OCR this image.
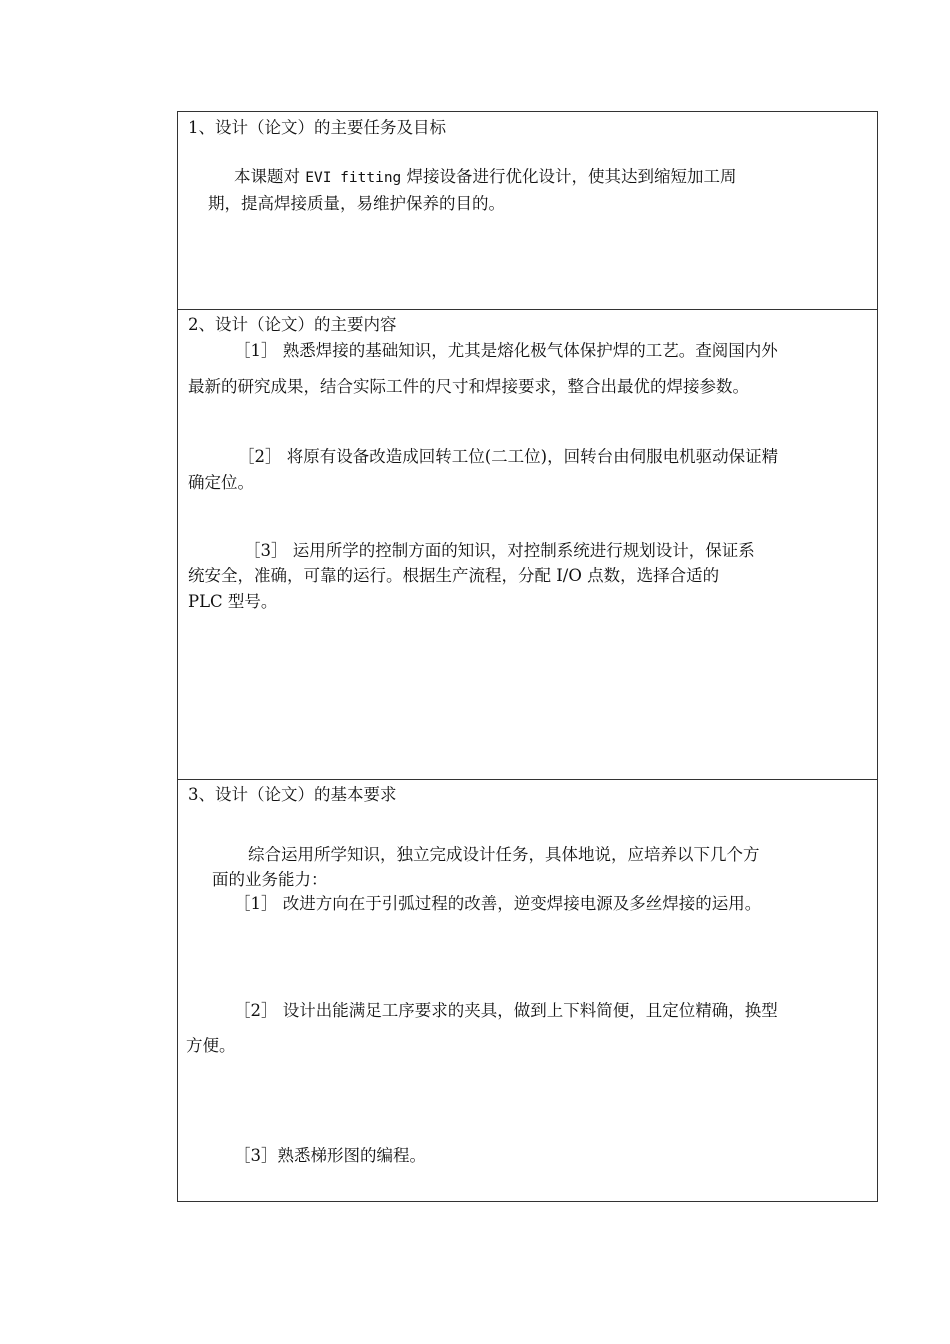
1、设计（论文）的主要任务及目标
本课题对 EVI fitting 焊接设备进行优化设计，使其达到缩短加工周
期，提高焊接质量，易维护保养的目的。
2、设计（论文）的主要内容
［1］ 熟悉焊接的基础知识，尤其是熔化极气体保护焊的工艺。查阅国内外
最新的研究成果，结合实际工件的尺寸和焊接要求，整合出最优的焊接参数。
［2］ 将原有设备改造成回转工位(二工位)，回转台由伺服电机驱动保证精
确定位。
［3］ 运用所学的控制方面的知识，对控制系统进行规划设计，保证系
统安全，准确，可靠的运行。根据生产流程，分配 I/O 点数，选择合适的
PLC 型号。
3、设计（论文）的基本要求
综合运用所学知识，独立完成设计任务，具体地说，应培养以下几个方
面的业务能力：
［1］ 改进方向在于引弧过程的改善，逆变焊接电源及多丝焊接的运用。
［2］ 设计出能满足工序要求的夹具，做到上下料简便，且定位精确，换型
方便。
［3］熟悉梯形图的编程。
